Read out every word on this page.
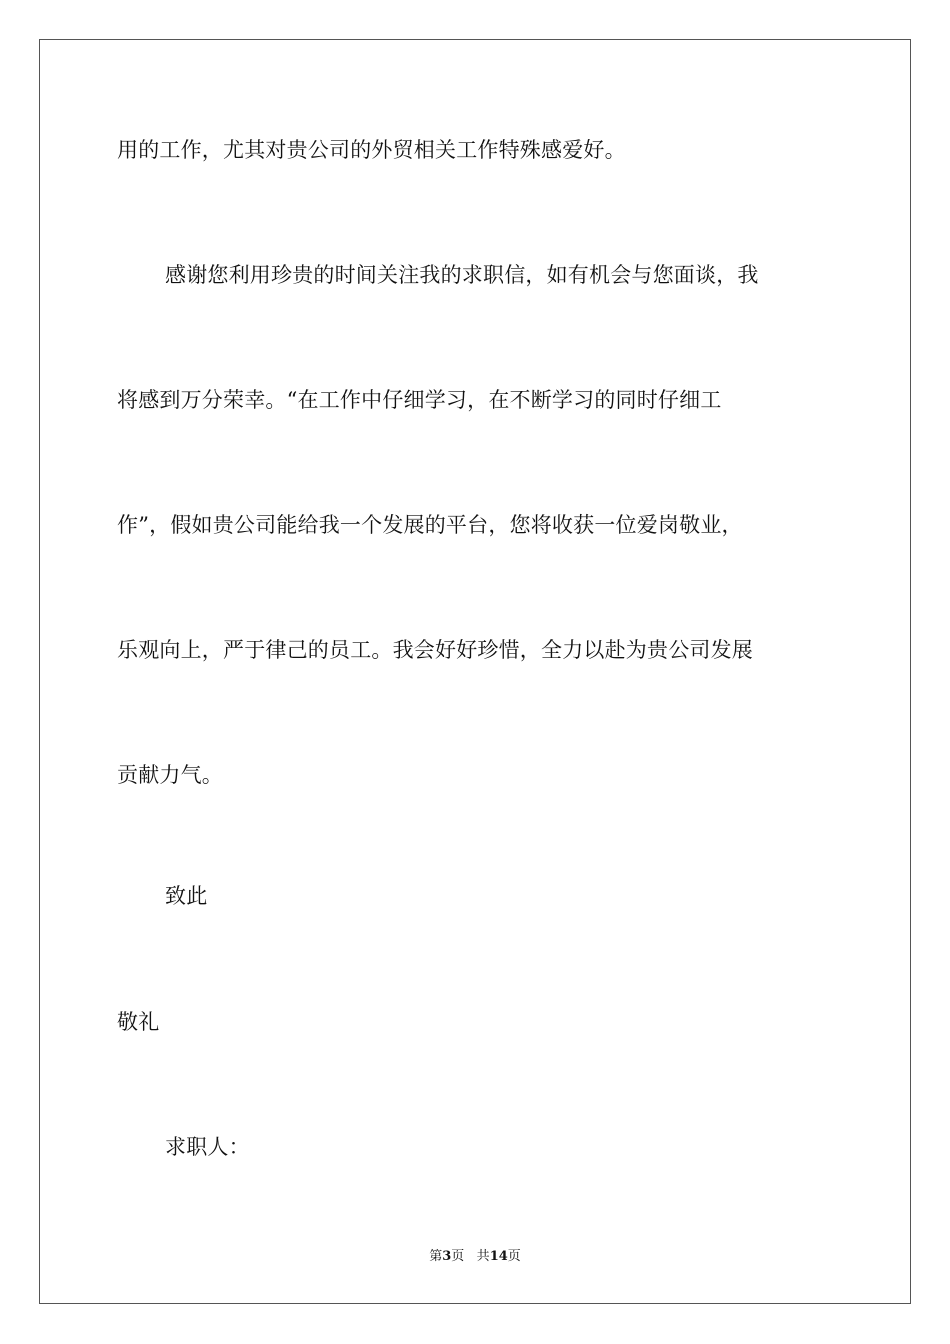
用的工作，尤其对贵公司的外贸相关工作特殊感爱好。
感谢您利用珍贵的时间关注我的求职信，如有机会与您面谈，我
将感到万分荣幸。“在工作中仔细学习，在不断学习的同时仔细工
作”，假如贵公司能给我一个发展的平台，您将收获一位爱岗敬业，
乐观向上，严于律己的员工。我会好好珍惜，全力以赴为贵公司发展
贡献力气。
致此
敬礼
求职人：
第3页 共14页
